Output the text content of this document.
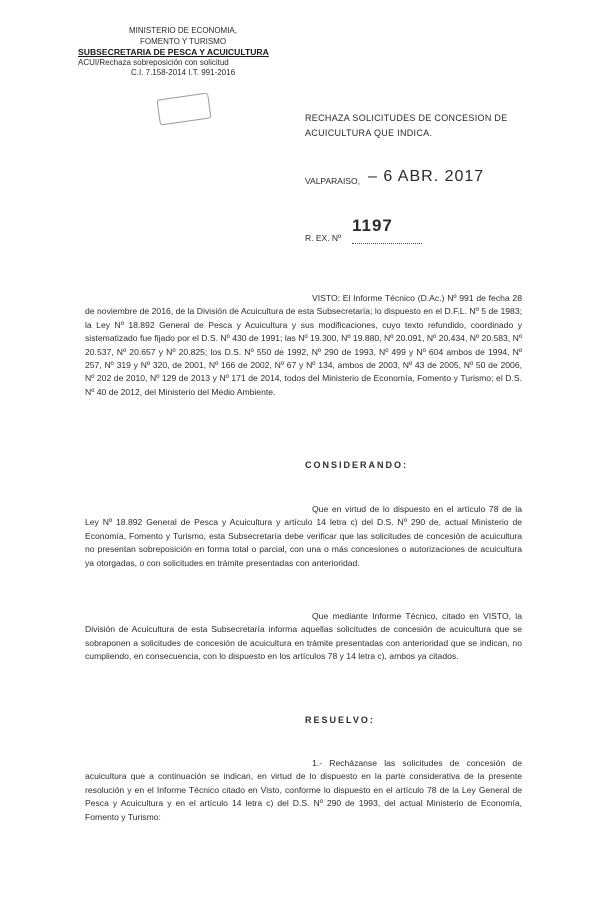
MINISTERIO DE ECONOMIA,
FOMENTO Y TURISMO
SUBSECRETARIA DE PESCA Y ACUICULTURA
ACUI/Rechaza sobreposición con solicitud
C.I. 7.158-2014 I.T. 991-2016
RECHAZA SOLICITUDES DE CONCESION DE ACUICULTURA QUE INDICA.
VALPARAISO, – 6 ABR. 2017
R. EX. Nº
1197
VISTO: El Informe Técnico (D.Ac.) Nº 991 de fecha 28 de noviembre de 2016, de la División de Acuicultura de esta Subsecretaría; lo dispuesto en el D.F.L. Nº 5 de 1983; la Ley Nº 18.892 General de Pesca y Acuicultura y sus modificaciones, cuyo texto refundido, coordinado y sistematizado fue fijado por el D.S. Nº 430 de 1991; las Nº 19.300, Nº 19.880, Nº 20.091, Nº 20.434, Nº 20.583, Nº 20.537, Nº 20.657 y Nº 20.825; los D.S. Nº 550 de 1992, Nº 290 de 1993, Nº 499 y Nº 604 ambos de 1994, Nº 257, Nº 319 y Nº 320, de 2001, Nº 166 de 2002, Nº 67 y Nº 134, ambos de 2003, Nº 43 de 2005, Nº 50 de 2006, Nº 202 de 2010, Nº 129 de 2013 y Nº 171 de 2014, todos del Ministerio de Economía, Fomento y Turismo; el D.S. Nº 40 de 2012, del Ministerio del Medio Ambiente.
CONSIDERANDO:
Que en virtud de lo dispuesto en el artículo 78 de la Ley Nº 18.892 General de Pesca y Acuicultura y artículo 14 letra c) del D.S. Nº 290 de, actual Ministerio de Economía, Fomento y Turismo, esta Subsecretaría debe verificar que las solicitudes de concesión de acuicultura no presentan sobreposición en forma total o parcial, con una o más concesiones o autorizaciones de acuicultura ya otorgadas, o con solicitudes en trámite presentadas con anterioridad.
Que mediante Informe Técnico, citado en VISTO, la División de Acuicultura de esta Subsecretaría informa aquellas solicitudes de concesión de acuicultura que se sobraponen a solicitudes de concesión de acuicultura en trámite presentadas con anterioridad que se indican, no cumpliendo, en consecuencia, con lo dispuesto en los artículos 78 y 14 letra c), ambos ya citados.
RESUELVO:
1.- Recházanse las solicitudes de concesión de acuicultura que a continuación se indican, en virtud de lo dispuesto en la parte considerativa de la presente resolución y en el Informe Técnico citado en Visto, conforme lo dispuesto en el artículo 78 de la Ley General de Pesca y Acuicultura y en el artículo 14 letra c) del D.S. Nº 290 de 1993, del actual Ministerio de Economía, Fomento y Turismo:
